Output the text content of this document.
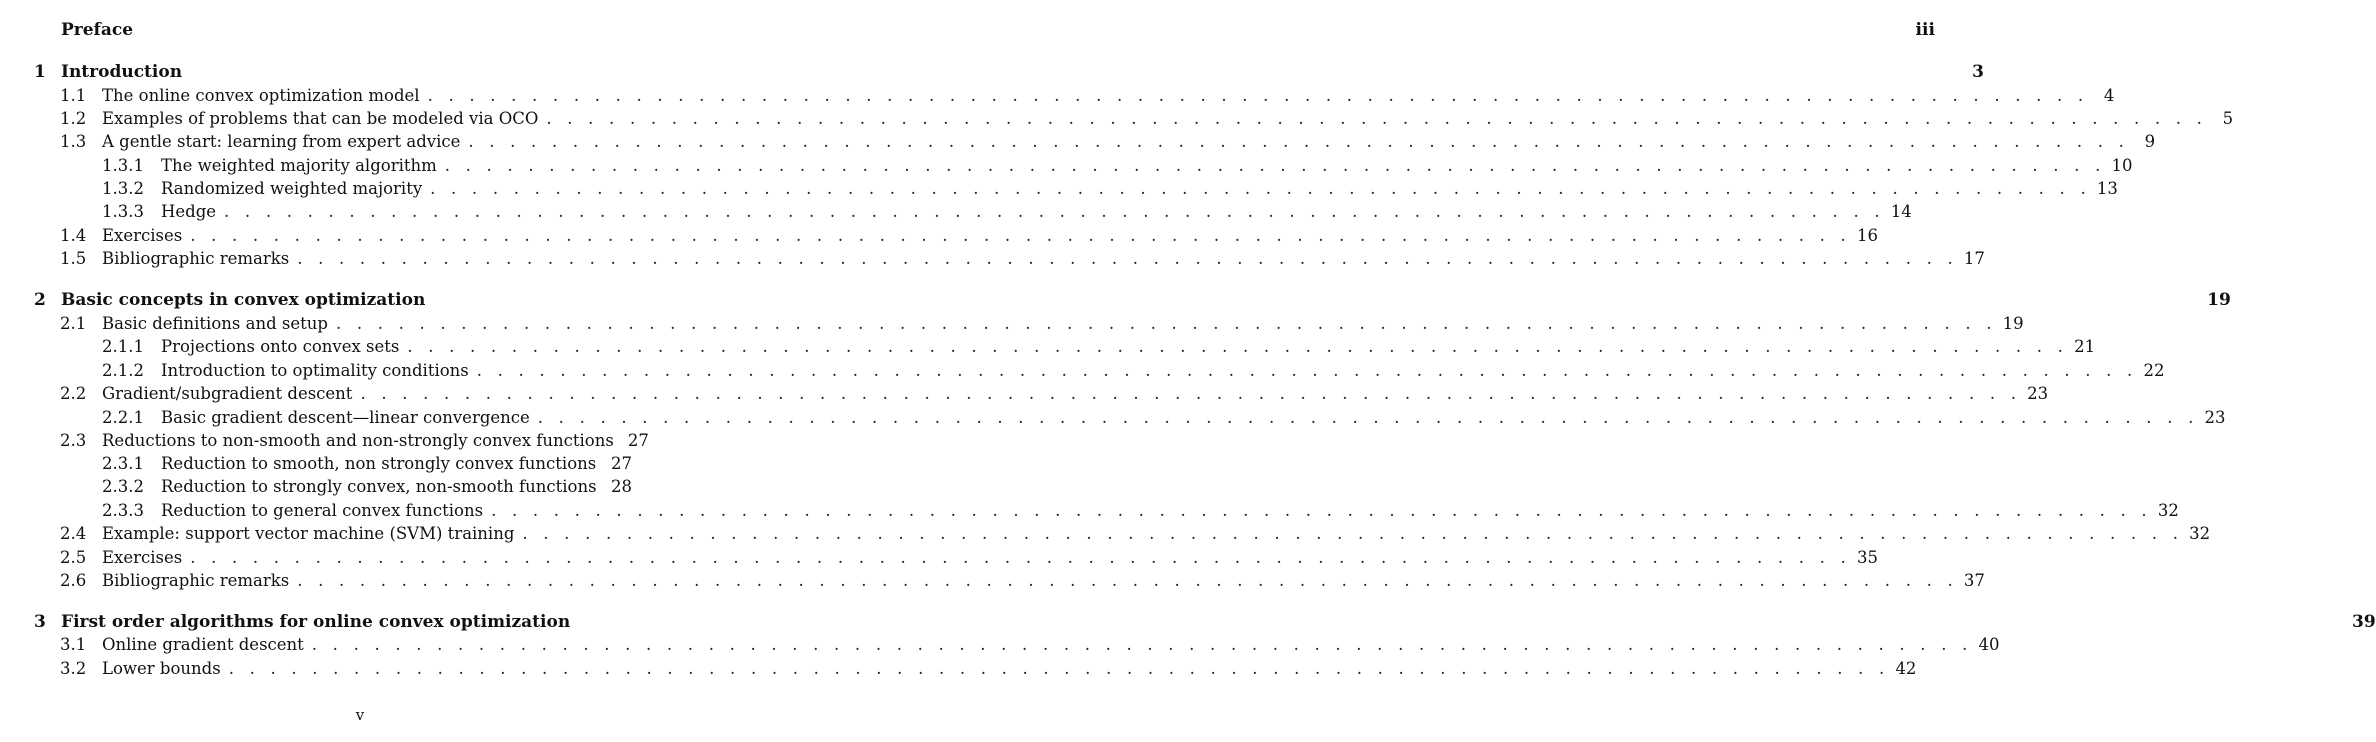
Preface	iii
1 Introduction	3
1.1 The online convex optimization model . . . . . . . . . . . . . . . . . . . . . . . . . . . . . . . . . . . . . . . . . . . . . . . . . . . . . . . . . . . . . . . . . . . . . . . . . . . . . . . . 4
1.2 Examples of problems that can be modeled via OCO . . . . . . . . . . . . . . . . . . . . . . . . . . . . . . . . . . . . . . . . . . . . . . . . . . . . . . . . . . . . . . . . . . . . . . . . . . . . . . . . 5
1.3 A gentle start: learning from expert advice . . . . . . . . . . . . . . . . . . . . . . . . . . . . . . . . . . . . . . . . . . . . . . . . . . . . . . . . . . . . . . . . . . . . . . . . . . . . . . . . 9
1.3.1	The weighted majority algorithm . . . . . . . . . . . . . . . . . . . . . . . . . . . . . . . . . . . . . . . . . . . . . . . . . . . . . . . . . . . . . . . . . . . . . . . . . . . . . . . . 10
1.3.2	Randomized weighted majority . . . . . . . . . . . . . . . . . . . . . . . . . . . . . . . . . . . . . . . . . . . . . . . . . . . . . . . . . . . . . . . . . . . . . . . . . . . . . . . . 13
1.3.3	Hedge . . . . . . . . . . . . . . . . . . . . . . . . . . . . . . . . . . . . . . . . . . . . . . . . . . . . . . . . . . . . . . . . . . . . . . . . . . . . . . . . 14
1.4 Exercises . . . . . . . . . . . . . . . . . . . . . . . . . . . . . . . . . . . . . . . . . . . . . . . . . . . . . . . . . . . . . . . . . . . . . . . . . . . . . . . . 16
1.5 Bibliographic remarks . . . . . . . . . . . . . . . . . . . . . . . . . . . . . . . . . . . . . . . . . . . . . . . . . . . . . . . . . . . . . . . . . . . . . . . . . . . . . . . . 17
2 Basic concepts in convex optimization	19
2.1 Basic definitions and setup . . . . . . . . . . . . . . . . . . . . . . . . . . . . . . . . . . . . . . . . . . . . . . . . . . . . . . . . . . . . . . . . . . . . . . . . . . . . . . . . 19
2.1.1	Projections onto convex sets . . . . . . . . . . . . . . . . . . . . . . . . . . . . . . . . . . . . . . . . . . . . . . . . . . . . . . . . . . . . . . . . . . . . . . . . . . . . . . . . 21
2.1.2	Introduction to optimality conditions . . . . . . . . . . . . . . . . . . . . . . . . . . . . . . . . . . . . . . . . . . . . . . . . . . . . . . . . . . . . . . . . . . . . . . . . . . . . . . . . 22
2.2 Gradient/subgradient descent . . . . . . . . . . . . . . . . . . . . . . . . . . . . . . . . . . . . . . . . . . . . . . . . . . . . . . . . . . . . . . . . . . . . . . . . . . . . . . . . 23
2.2.1	Basic gradient descent—linear convergence . . . . . . . . . . . . . . . . . . . . . . . . . . . . . . . . . . . . . . . . . . . . . . . . . . . . . . . . . . . . . . . . . . . . . . . . . . . . . . . . 23
2.3 Reductions to non-smooth and non-strongly convex functions 27
2.3.1	Reduction to smooth, non strongly convex functions 27
2.3.2	Reduction to strongly convex, non-smooth functions 28
2.3.3	Reduction to general convex functions . . . . . . . . . . . . . . . . . . . . . . . . . . . . . . . . . . . . . . . . . . . . . . . . . . . . . . . . . . . . . . . . . . . . . . . . . . . . . . . . 32
2.4 Example: support vector machine (SVM) training . . . . . . . . . . . . . . . . . . . . . . . . . . . . . . . . . . . . . . . . . . . . . . . . . . . . . . . . . . . . . . . . . . . . . . . . . . . . . . . . 32
2.5 Exercises . . . . . . . . . . . . . . . . . . . . . . . . . . . . . . . . . . . . . . . . . . . . . . . . . . . . . . . . . . . . . . . . . . . . . . . . . . . . . . . . 35
2.6 Bibliographic remarks . . . . . . . . . . . . . . . . . . . . . . . . . . . . . . . . . . . . . . . . . . . . . . . . . . . . . . . . . . . . . . . . . . . . . . . . . . . . . . . . 37
3 First order algorithms for online convex optimization	39
3.1 Online gradient descent . . . . . . . . . . . . . . . . . . . . . . . . . . . . . . . . . . . . . . . . . . . . . . . . . . . . . . . . . . . . . . . . . . . . . . . . . . . . . . . . 40
3.2 Lower bounds . . . . . . . . . . . . . . . . . . . . . . . . . . . . . . . . . . . . . . . . . . . . . . . . . . . . . . . . . . . . . . . . . . . . . . . . . . . . . . . . 42
v
